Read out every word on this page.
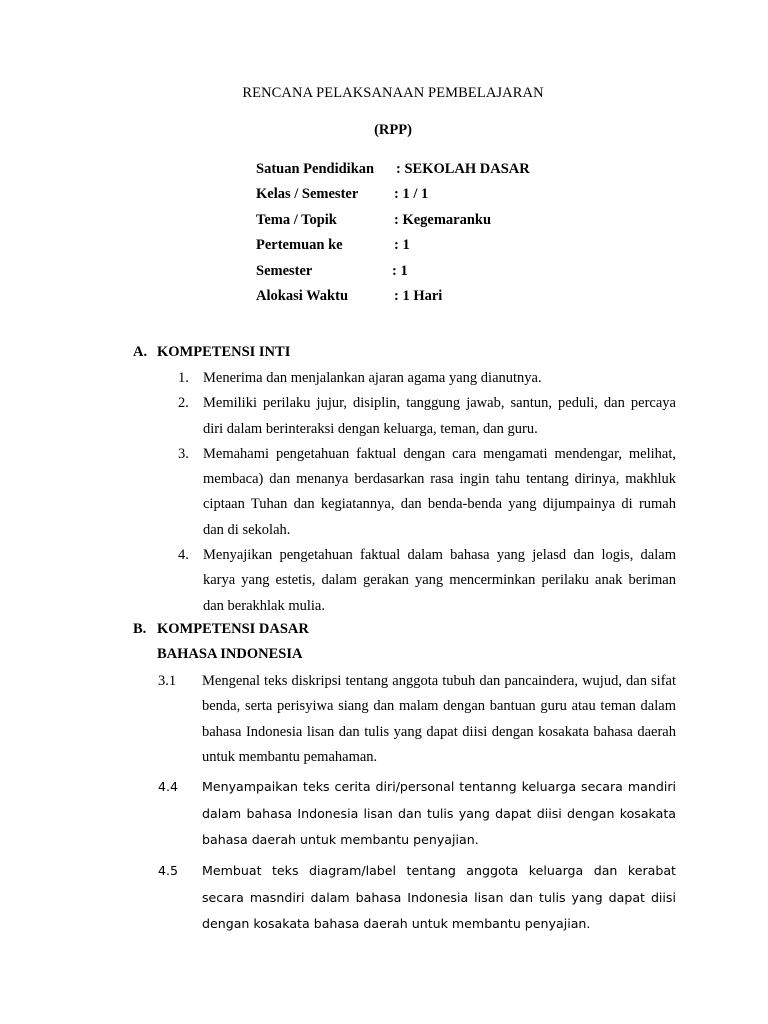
RENCANA PELAKSANAAN PEMBELAJARAN
(RPP)
Satuan Pendidikan : SEKOLAH DASAR
Kelas / Semester : 1 / 1
Tema / Topik	: Kegemaranku
Pertemuan ke	: 1
Semester	: 1
Alokasi Waktu	: 1 Hari
A. KOMPETENSI INTI
1. Menerima dan menjalankan ajaran agama yang dianutnya.
2. Memiliki perilaku jujur, disiplin, tanggung jawab, santun, peduli, dan percaya diri dalam berinteraksi dengan keluarga, teman, dan guru.
3. Memahami pengetahuan faktual dengan cara mengamati mendengar, melihat, membaca) dan menanya berdasarkan rasa ingin tahu tentang dirinya, makhluk ciptaan Tuhan dan kegiatannya, dan benda-benda yang dijumpainya di rumah dan di sekolah.
4. Menyajikan pengetahuan faktual dalam bahasa yang jelasd dan logis, dalam karya yang estetis, dalam gerakan yang mencerminkan perilaku anak beriman dan berakhlak mulia.
B. KOMPETENSI DASAR
BAHASA INDONESIA
3.1 Mengenal teks diskripsi tentang anggota tubuh dan pancaindera, wujud, dan sifat benda, serta perisyiwa siang dan malam dengan bantuan guru atau teman dalam bahasa Indonesia lisan dan tulis yang dapat diisi dengan kosakata bahasa daerah untuk membantu pemahaman.
4.4 Menyampaikan teks cerita diri/personal tentanng keluarga secara mandiri dalam bahasa Indonesia lisan dan tulis yang dapat diisi dengan kosakata bahasa daerah untuk membantu penyajian.
4.5 Membuat teks diagram/label tentang anggota keluarga dan kerabat secara masndiri dalam bahasa Indonesia lisan dan tulis yang dapat diisi dengan kosakata bahasa daerah untuk membantu penyajian.
